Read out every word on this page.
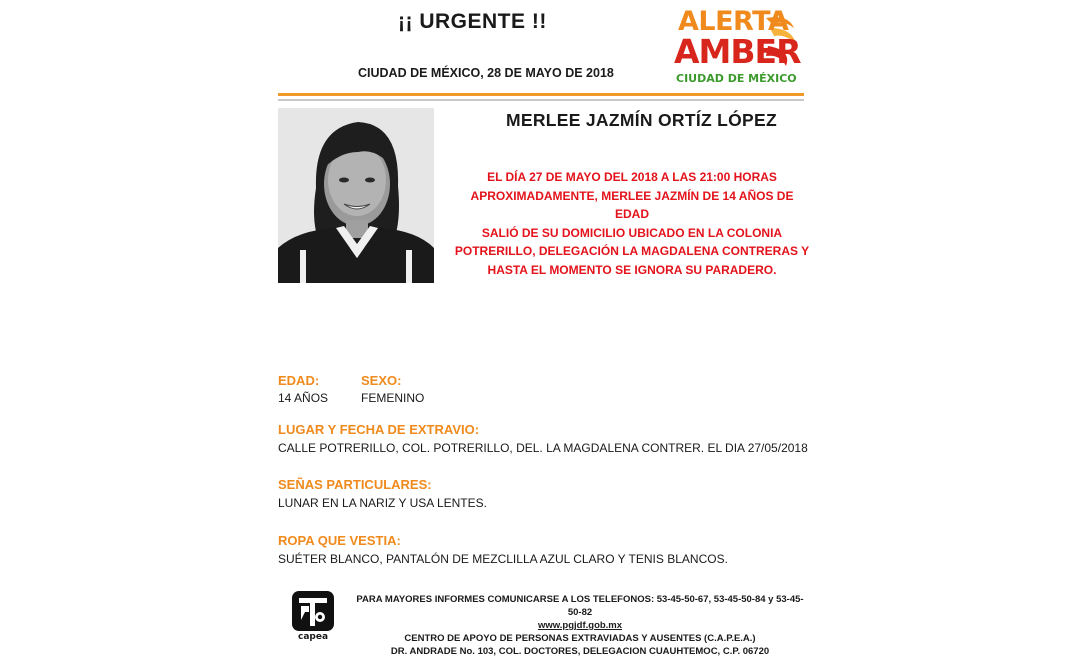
¡¡ URGENTE !!
CIUDAD DE MÉXICO, 28 DE MAYO DE 2018
ALERTA
AMBER
CIUDAD DE MÉXICO
MERLEE JAZMÍN ORTÍZ LÓPEZ
EL DÍA 27 DE MAYO DEL 2018 A LAS 21:00 HORAS
APROXIMADAMENTE, MERLEE JAZMÍN DE 14 AÑOS DE EDAD
SALIÓ DE SU DOMICILIO UBICADO EN LA COLONIA
POTRERILLO, DELEGACIÓN LA MAGDALENA CONTRERAS Y
HASTA EL MOMENTO SE IGNORA SU PARADERO.
EDAD:
14 AÑOS
SEXO:
FEMENINO
LUGAR Y FECHA DE EXTRAVIO:
CALLE POTRERILLO, COL. POTRERILLO, DEL. LA MAGDALENA CONTRER. EL DIA 27/05/2018
SEÑAS PARTICULARES:
LUNAR EN LA NARIZ Y USA LENTES.
ROPA QUE VESTIA:
SUÉTER BLANCO, PANTALÓN DE MEZCLILLA AZUL CLARO Y TENIS BLANCOS.
capea
PARA MAYORES INFORMES COMUNICARSE A LOS TELEFONOS: 53-45-50-67, 53-45-50-84 y 53-45-50-82
www.pgjdf.gob.mx
CENTRO DE APOYO DE PERSONAS EXTRAVIADAS Y AUSENTES (C.A.P.E.A.)
DR. ANDRADE No. 103, COL. DOCTORES, DELEGACION CUAUHTEMOC, C.P. 06720
